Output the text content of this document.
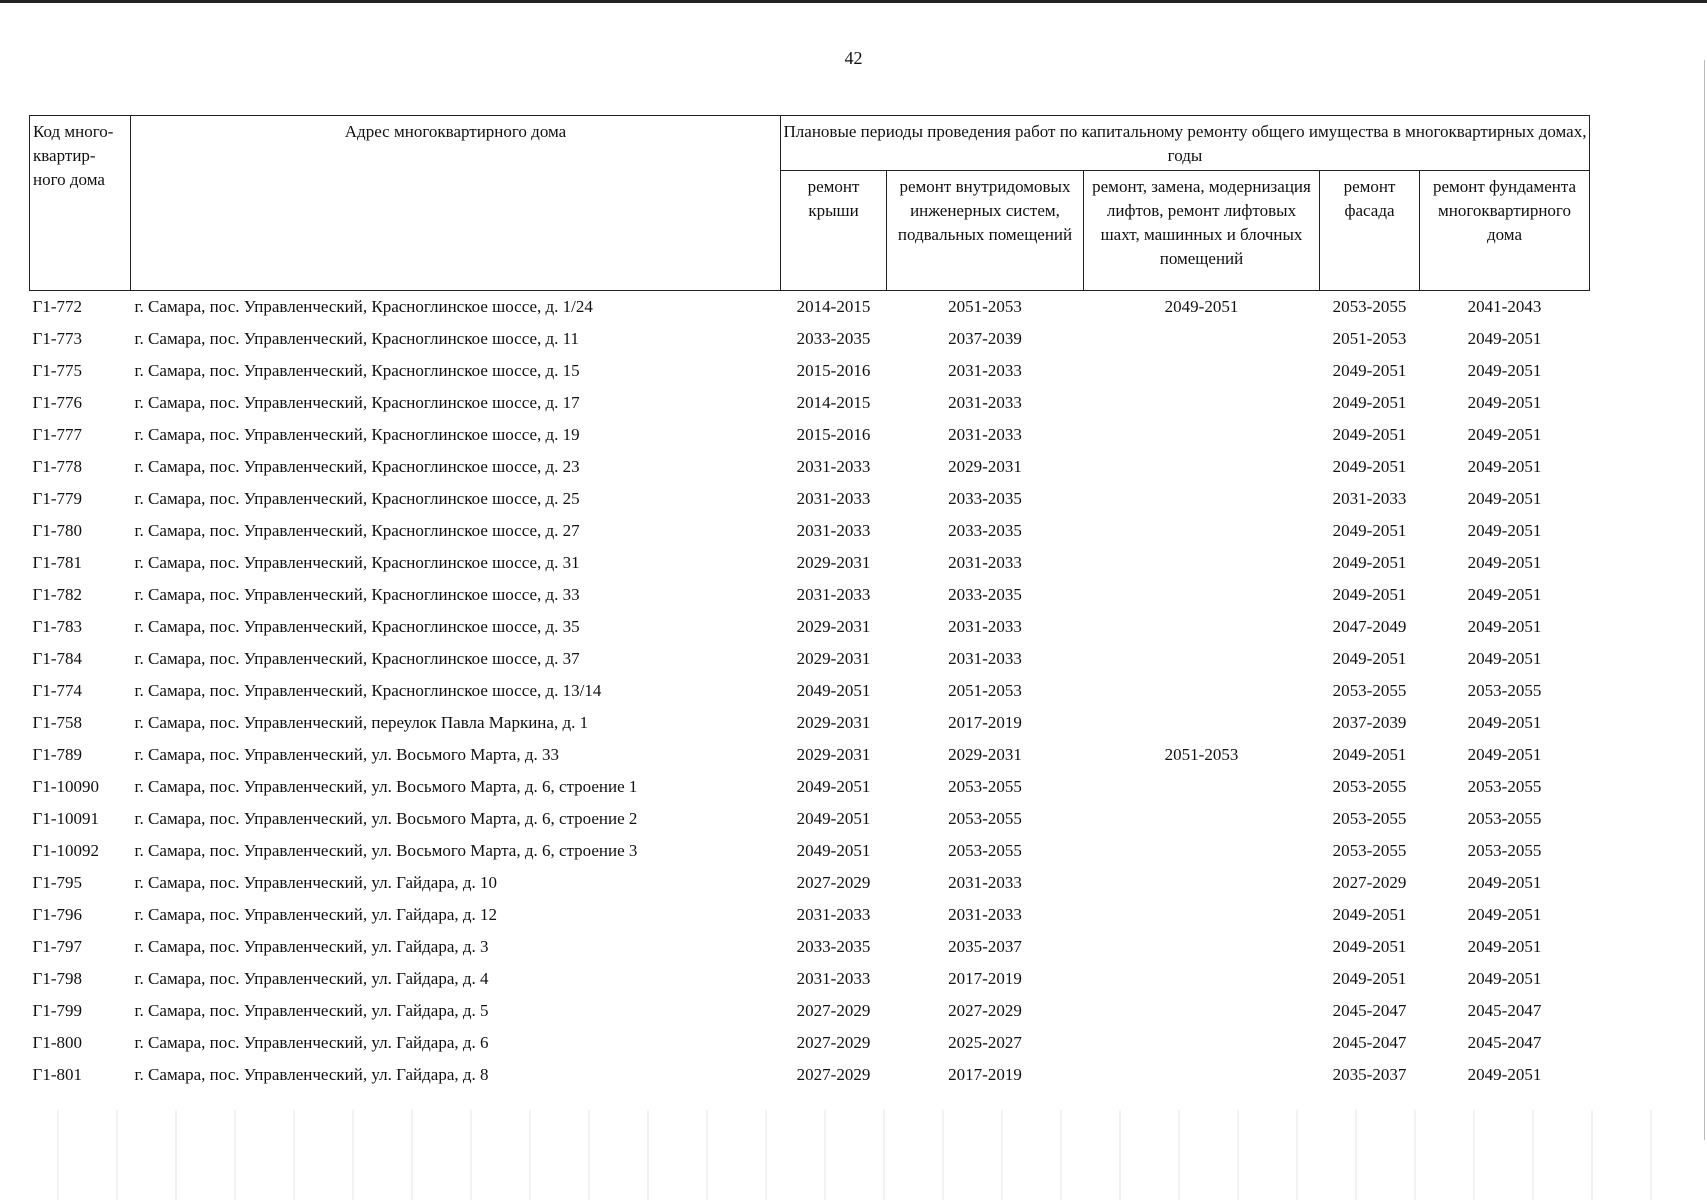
42
Код много-квартир-ного дома	Адрес многоквартирного дома	Плановые периоды проведения работ по капитальному ремонту общего имущества в многоквартирных домах, годы				
		ремонт крыши	ремонт внутридомовых инженерных систем, подвальных помещений	ремонт, замена, модернизация лифтов, ремонт лифтовых шахт, машинных и блочных помещений	ремонт фасада	ремонт фундамента многоквартирного дома
Г1-772	г. Самара, пос. Управленческий, Красноглинское шоссе, д. 1/24	2014-2015	2051-2053	2049-2051	2053-2055	2041-2043
Г1-773	г. Самара, пос. Управленческий, Красноглинское шоссе, д. 11	2033-2035	2037-2039		2051-2053	2049-2051
Г1-775	г. Самара, пос. Управленческий, Красноглинское шоссе, д. 15	2015-2016	2031-2033		2049-2051	2049-2051
Г1-776	г. Самара, пос. Управленческий, Красноглинское шоссе, д. 17	2014-2015	2031-2033		2049-2051	2049-2051
Г1-777	г. Самара, пос. Управленческий, Красноглинское шоссе, д. 19	2015-2016	2031-2033		2049-2051	2049-2051
Г1-778	г. Самара, пос. Управленческий, Красноглинское шоссе, д. 23	2031-2033	2029-2031		2049-2051	2049-2051
Г1-779	г. Самара, пос. Управленческий, Красноглинское шоссе, д. 25	2031-2033	2033-2035		2031-2033	2049-2051
Г1-780	г. Самара, пос. Управленческий, Красноглинское шоссе, д. 27	2031-2033	2033-2035		2049-2051	2049-2051
Г1-781	г. Самара, пос. Управленческий, Красноглинское шоссе, д. 31	2029-2031	2031-2033		2049-2051	2049-2051
Г1-782	г. Самара, пос. Управленческий, Красноглинское шоссе, д. 33	2031-2033	2033-2035		2049-2051	2049-2051
Г1-783	г. Самара, пос. Управленческий, Красноглинское шоссе, д. 35	2029-2031	2031-2033		2047-2049	2049-2051
Г1-784	г. Самара, пос. Управленческий, Красноглинское шоссе, д. 37	2029-2031	2031-2033		2049-2051	2049-2051
Г1-774	г. Самара, пос. Управленческий, Красноглинское шоссе, д. 13/14	2049-2051	2051-2053		2053-2055	2053-2055
Г1-758	г. Самара, пос. Управленческий, переулок Павла Маркина, д. 1	2029-2031	2017-2019		2037-2039	2049-2051
Г1-789	г. Самара, пос. Управленческий, ул. Восьмого Марта, д. 33	2029-2031	2029-2031	2051-2053	2049-2051	2049-2051
Г1-10090	г. Самара, пос. Управленческий, ул. Восьмого Марта, д. 6, строение 1	2049-2051	2053-2055		2053-2055	2053-2055
Г1-10091	г. Самара, пос. Управленческий, ул. Восьмого Марта, д. 6, строение 2	2049-2051	2053-2055		2053-2055	2053-2055
Г1-10092	г. Самара, пос. Управленческий, ул. Восьмого Марта, д. 6, строение 3	2049-2051	2053-2055		2053-2055	2053-2055
Г1-795	г. Самара, пос. Управленческий, ул. Гайдара, д. 10	2027-2029	2031-2033		2027-2029	2049-2051
Г1-796	г. Самара, пос. Управленческий, ул. Гайдара, д. 12	2031-2033	2031-2033		2049-2051	2049-2051
Г1-797	г. Самара, пос. Управленческий, ул. Гайдара, д. 3	2033-2035	2035-2037		2049-2051	2049-2051
Г1-798	г. Самара, пос. Управленческий, ул. Гайдара, д. 4	2031-2033	2017-2019		2049-2051	2049-2051
Г1-799	г. Самара, пос. Управленческий, ул. Гайдара, д. 5	2027-2029	2027-2029		2045-2047	2045-2047
Г1-800	г. Самара, пос. Управленческий, ул. Гайдара, д. 6	2027-2029	2025-2027		2045-2047	2045-2047
Г1-801	г. Самара, пос. Управленческий, ул. Гайдара, д. 8	2027-2029	2017-2019		2035-2037	2049-2051
